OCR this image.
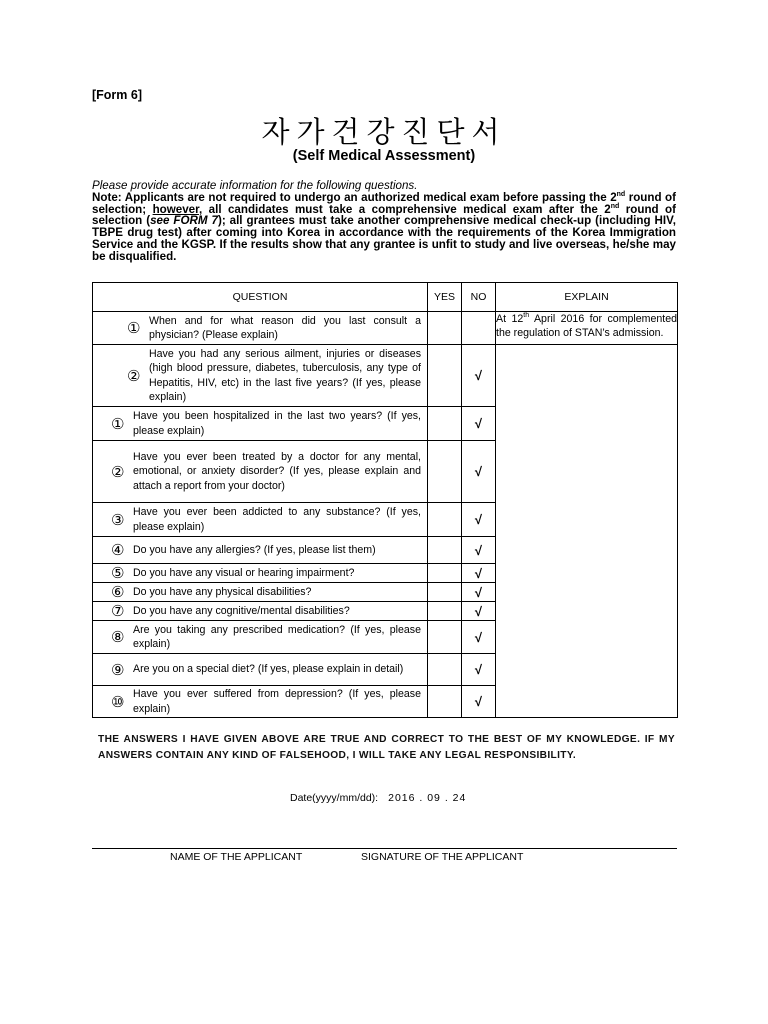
[Form 6]
자가건강진단서
(Self Medical Assessment)
Please provide accurate information for the following questions.
Note: Applicants are not required to undergo an authorized medical exam before passing the 2nd round of selection; however, all candidates must take a comprehensive medical exam after the 2nd round of selection (see FORM 7); all grantees must take another comprehensive medical check-up (including HIV, TBPE drug test) after coming into Korea in accordance with the requirements of the Korea Immigration Service and the KGSP. If the results show that any grantee is unfit to study and live overseas, he/she may be disqualified.
QUESTION	YES	NO	EXPLAIN

① When and for what reason did you last consult a physician? (Please explain)			At 12th April 2016 for complemented the regulation of STAN’s admission.

②
Have you had any serious ailment, injuries or diseases (high blood pressure, diabetes, tuberculosis, any type of Hepatitis, HIV, etc) in the last five years? (If yes, please explain)		√	

① Have you been hospitalized in the last two years? (If yes, please explain)		√	

②
Have you ever been treated by a doctor for any mental, emotional, or anxiety disorder? (If yes, please explain and attach a report from your doctor)		√	

③ Have you ever been addicted to any substance? (If yes, please explain)		√	

④ Do you have any allergies? (If yes, please list them)		√	

⑤ Do you have any visual or hearing impairment?		√	

⑥ Do you have any physical disabilities?		√	

⑦ Do you have any cognitive/mental disabilities?		√	

⑧ Are you taking any prescribed medication? (If yes, please explain)		√	

⑨ Are you on a special diet? (If yes, please explain in detail)		√	

⑩ Have you ever suffered from depression? (If yes, please explain)		√	
THE ANSWERS I HAVE GIVEN ABOVE ARE TRUE AND CORRECT TO THE BEST OF MY KNOWLEDGE. IF MY ANSWERS CONTAIN ANY KIND OF FALSEHOOD, I WILL TAKE ANY LEGAL RESPONSIBILITY.
Date(yyyy/mm/dd): 2016 . 09 . 24
NAME OF THE APPLICANT	SIGNATURE OF THE APPLICANT
